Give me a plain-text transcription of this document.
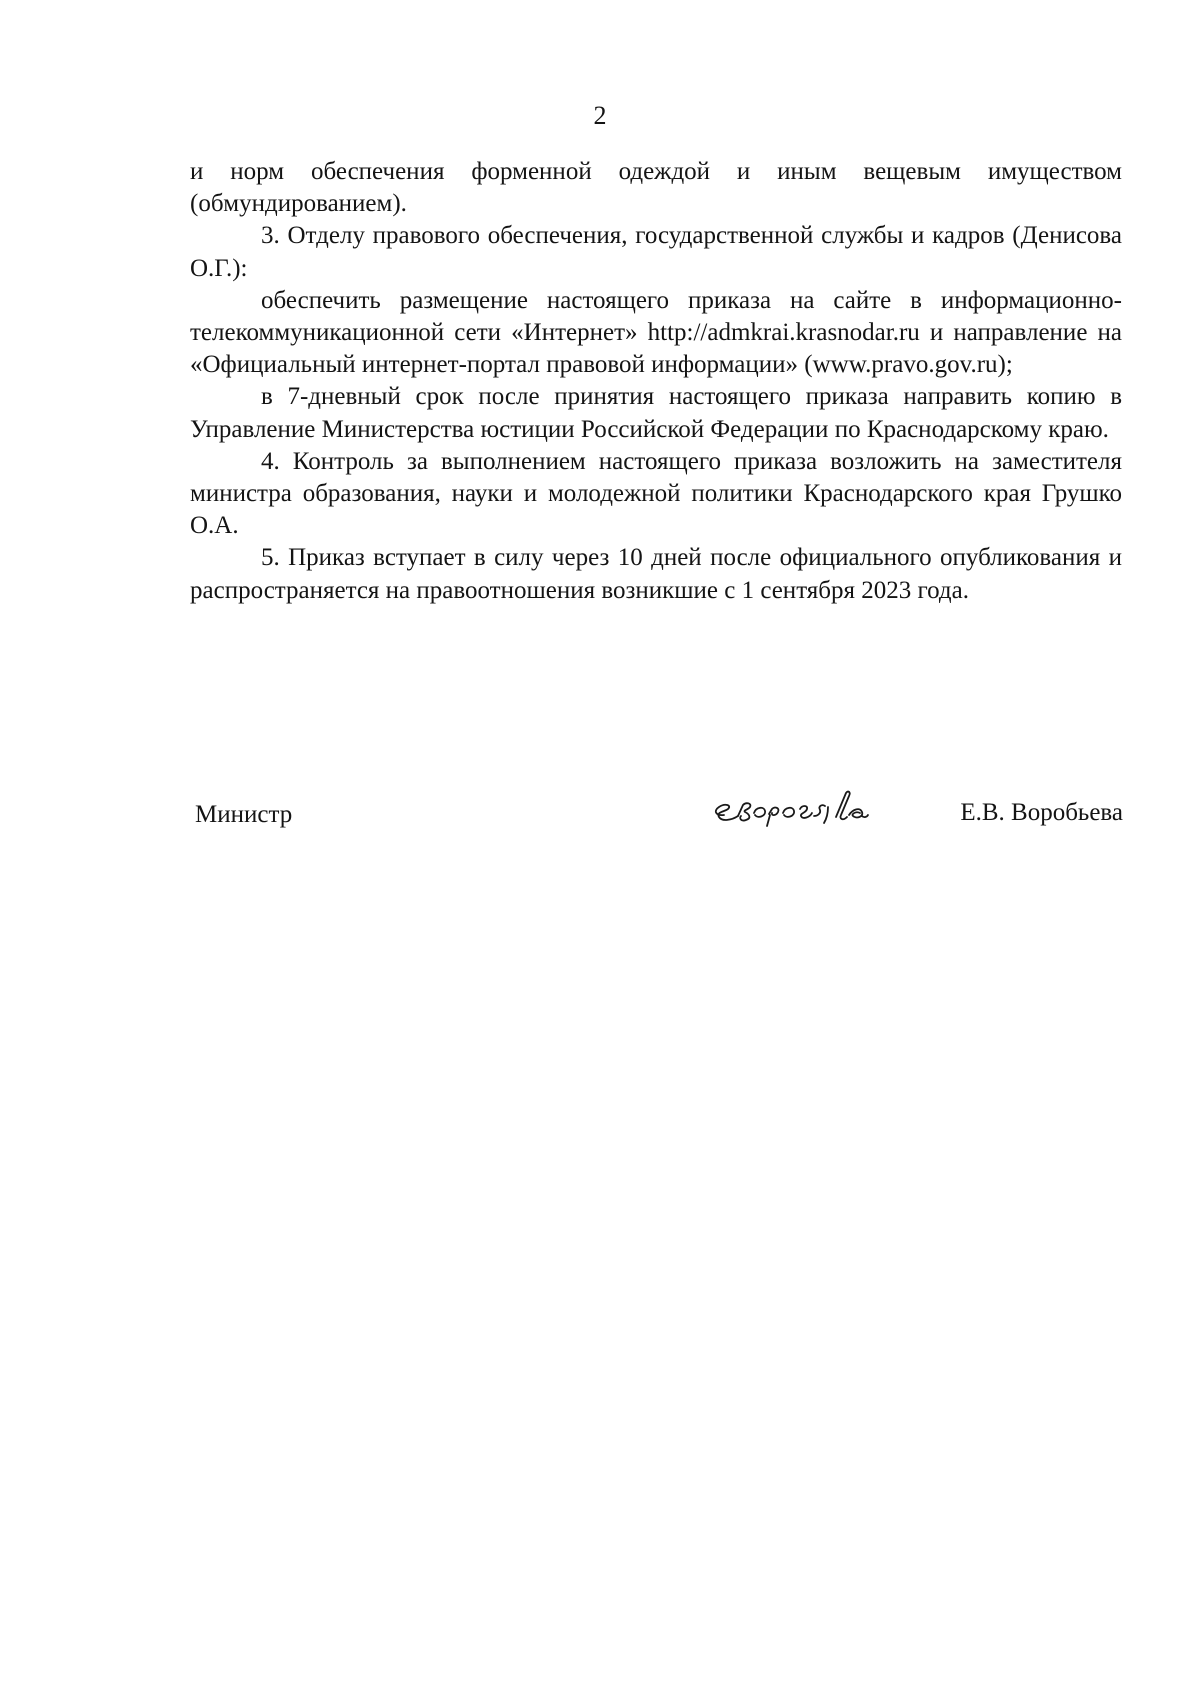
2

и норм обеспечения форменной одеждой и иным вещевым имуществом (обмундированием).

3. Отделу правового обеспечения, государственной службы и кадров (Денисова О.Г.):

обеспечить размещение настоящего приказа на сайте в информационно-телекоммуникационной сети «Интернет» http://admkrai.krasnodar.ru и направление на «Официальный интернет-портал правовой информации» (www.pravo.gov.ru);

в 7-дневный срок после принятия настоящего приказа направить копию в Управление Министерства юстиции Российской Федерации по Краснодарскому краю.

4. Контроль за выполнением настоящего приказа возложить на заместителя министра образования, науки и молодежной политики Краснодарского края Грушко О.А.

5. Приказ вступает в силу через 10 дней после официального опубликования и распространяется на правоотношения возникшие с 1 сентября 2023 года.

Министр	Е.В. Воробьева
